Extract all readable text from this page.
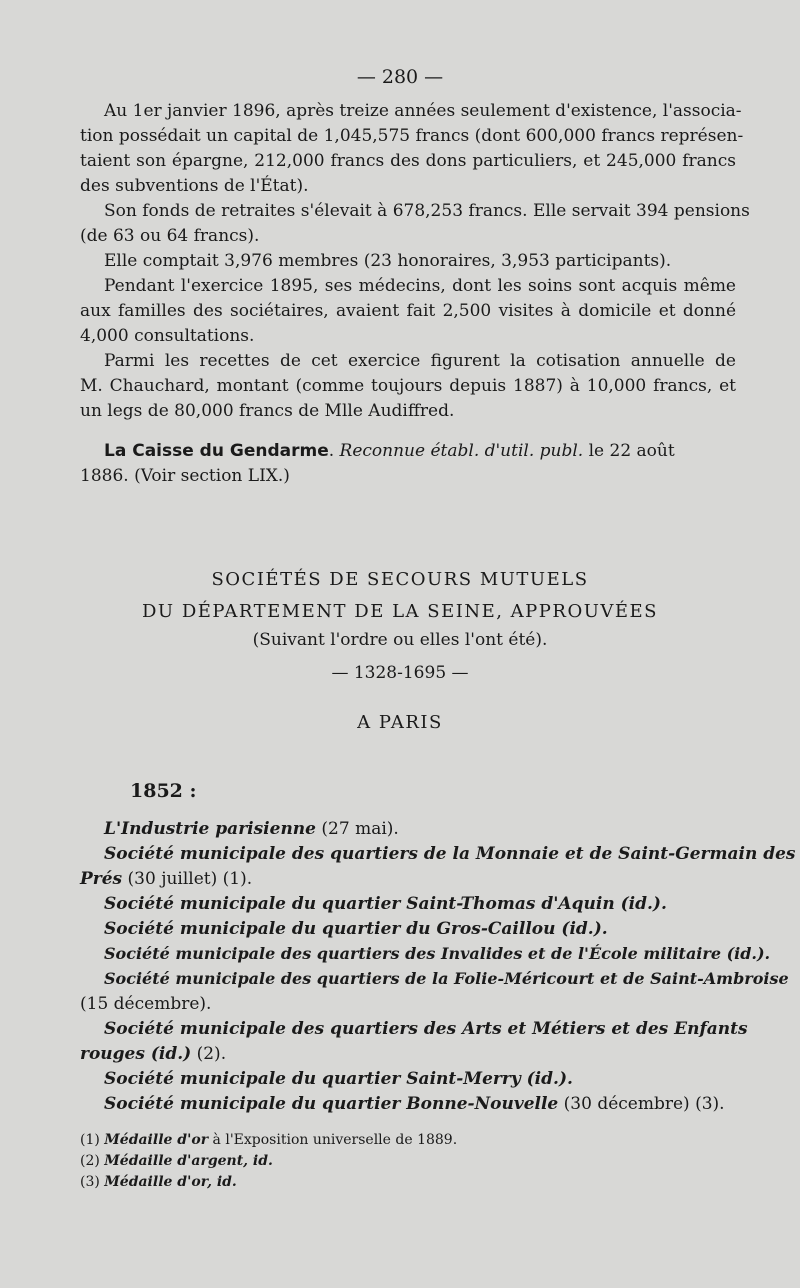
— 280 —
Au 1er janvier 1896, après treize années seulement d'existence, l'associa-
tion possédait un capital de 1,045,575 francs (dont 600,000 francs représen-
taient son épargne, 212,000 francs des dons particuliers, et 245,000 francs
des subventions de l'État).
Son fonds de retraites s'élevait à 678,253 francs. Elle servait 394 pensions
(de 63 ou 64 francs).
Elle comptait 3,976 membres (23 honoraires, 3,953 participants).
Pendant l'exercice 1895, ses médecins, dont les soins sont acquis même
aux familles des sociétaires, avaient fait 2,500 visites à domicile et donné
4,000 consultations.
Parmi les recettes de cet exercice figurent la cotisation annuelle de
M. Chauchard, montant (comme toujours depuis 1887) à 10,000 francs, et
un legs de 80,000 francs de Mlle Audiffred.
La Caisse du Gendarme. Reconnue établ. d'util. publ. le 22 août
1886. (Voir section LIX.)
SOCIÉTÉS DE SECOURS MUTUELS
DU DÉPARTEMENT DE LA SEINE, APPROUVÉES
(Suivant l'ordre ou elles l'ont été).
— 1328-1695 —
A PARIS
1852 :
L'Industrie parisienne (27 mai).
Société municipale des quartiers de la Monnaie et de Saint-Germain des
Prés (30 juillet) (1).
Société municipale du quartier Saint-Thomas d'Aquin (id.).
Société municipale du quartier du Gros-Caillou (id.).
Société municipale des quartiers des Invalides et de l'École militaire (id.).
Société municipale des quartiers de la Folie-Méricourt et de Saint-Ambroise
(15 décembre).
Société municipale des quartiers des Arts et Métiers et des Enfants
rouges (id.) (2).
Société municipale du quartier Saint-Merry (id.).
Société municipale du quartier Bonne-Nouvelle (30 décembre) (3).
(1) Médaille d'or à l'Exposition universelle de 1889.
(2) Médaille d'argent, id.
(3) Médaille d'or, id.
